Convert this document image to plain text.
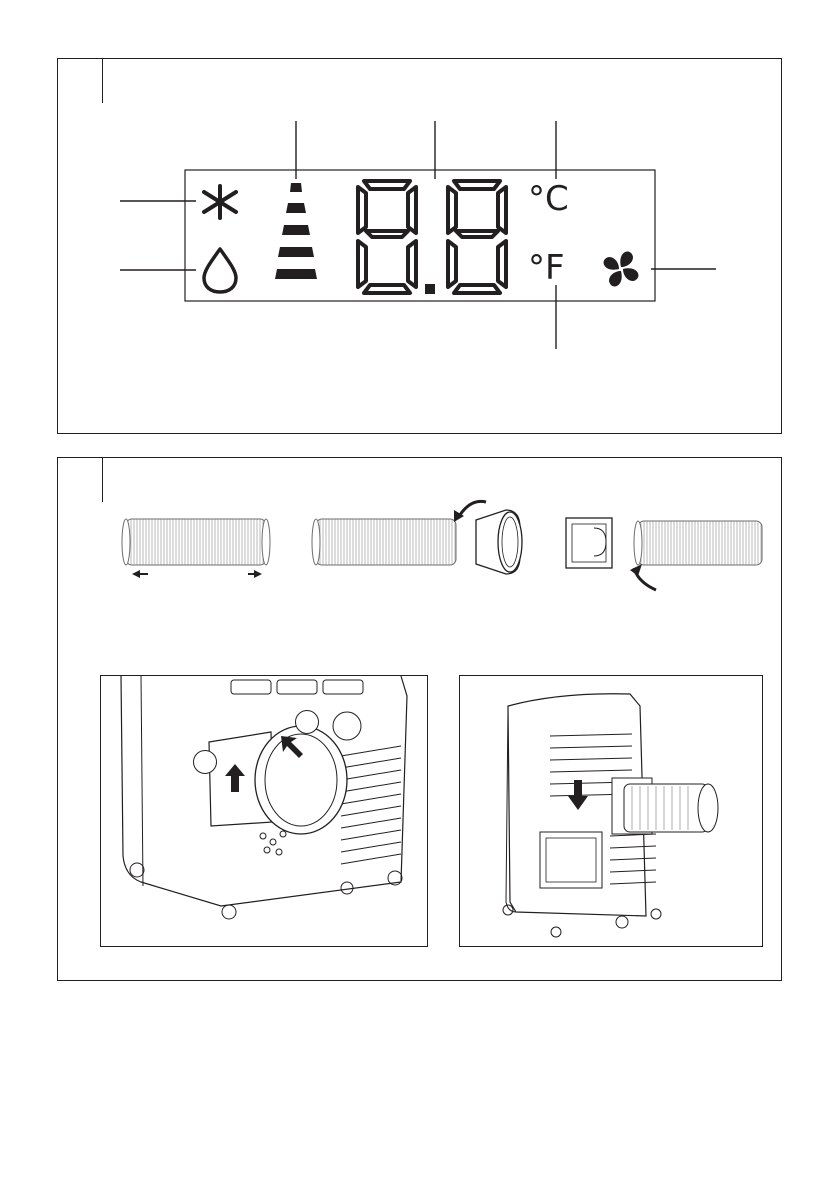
°C
°F
